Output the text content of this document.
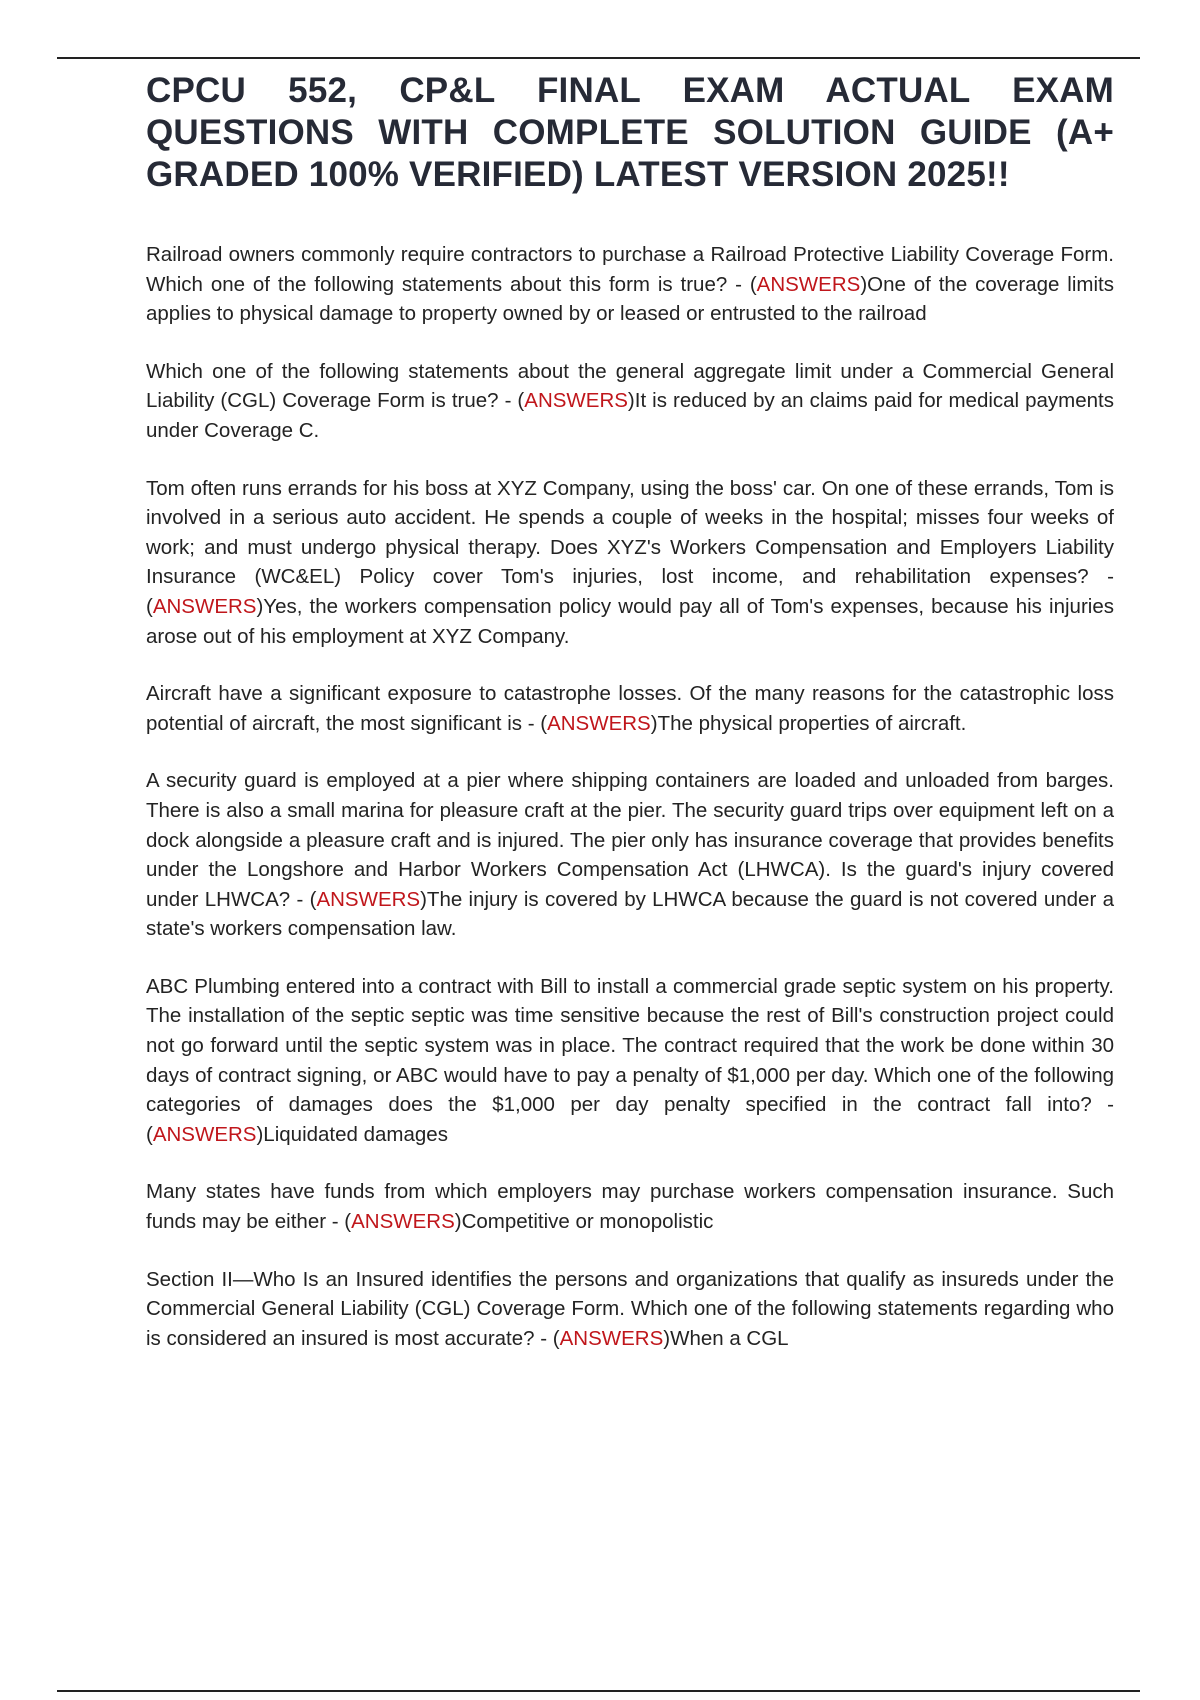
CPCU 552, CP&L FINAL EXAM ACTUAL EXAM QUESTIONS WITH COMPLETE SOLUTION GUIDE (A+ GRADED 100% VERIFIED) LATEST VERSION 2025!!

Railroad owners commonly require contractors to purchase a Railroad Protective Liability Coverage Form. Which one of the following statements about this form is true? - (ANSWERS)One of the coverage limits applies to physical damage to property owned by or leased or entrusted to the railroad

Which one of the following statements about the general aggregate limit under a Commercial General Liability (CGL) Coverage Form is true? - (ANSWERS)It is reduced by an claims paid for medical payments under Coverage C.

Tom often runs errands for his boss at XYZ Company, using the boss' car. On one of these errands, Tom is involved in a serious auto accident. He spends a couple of weeks in the hospital; misses four weeks of work; and must undergo physical therapy. Does XYZ's Workers Compensation and Employers Liability Insurance (WC&EL) Policy cover Tom's injuries, lost income, and rehabilitation expenses? - (ANSWERS)Yes, the workers compensation policy would pay all of Tom's expenses, because his injuries arose out of his employment at XYZ Company.

Aircraft have a significant exposure to catastrophe losses. Of the many reasons for the catastrophic loss potential of aircraft, the most significant is - (ANSWERS)The physical properties of aircraft.

A security guard is employed at a pier where shipping containers are loaded and unloaded from barges. There is also a small marina for pleasure craft at the pier. The security guard trips over equipment left on a dock alongside a pleasure craft and is injured. The pier only has insurance coverage that provides benefits under the Longshore and Harbor Workers Compensation Act (LHWCA). Is the guard's injury covered under LHWCA? - (ANSWERS)The injury is covered by LHWCA because the guard is not covered under a state's workers compensation law.

ABC Plumbing entered into a contract with Bill to install a commercial grade septic system on his property. The installation of the septic septic was time sensitive because the rest of Bill's construction project could not go forward until the septic system was in place. The contract required that the work be done within 30 days of contract signing, or ABC would have to pay a penalty of $1,000 per day. Which one of the following categories of damages does the $1,000 per day penalty specified in the contract fall into? - (ANSWERS)Liquidated damages

Many states have funds from which employers may purchase workers compensation insurance. Such funds may be either - (ANSWERS)Competitive or monopolistic

Section II—Who Is an Insured identifies the persons and organizations that qualify as insureds under the Commercial General Liability (CGL) Coverage Form. Which one of the following statements regarding who is considered an insured is most accurate? - (ANSWERS)When a CGL
